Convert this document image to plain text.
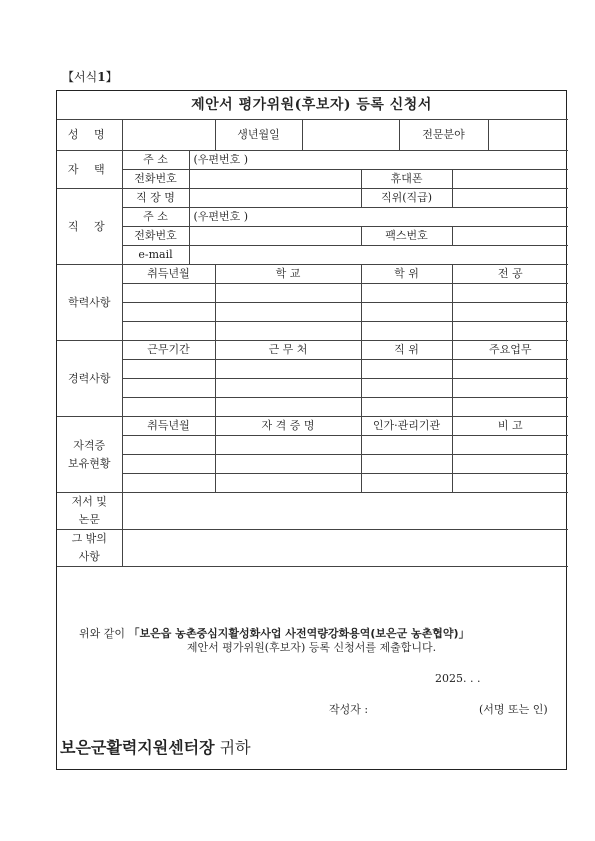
【서식1】
제안서 평가위원(후보자) 등록 신청서
성 명			생년월일			전문분야		
자 택	주 소	(우편번호 )						
	전화번호				휴대폰			
직 장	직 장 명				직위(직급)			
	주 소	(우편번호 )						
	전화번호				팩스번호			
	e-mail							
학력사항	취득년월		학 교		학 위		전 공	

경력사항	근무기간		근 무 처		직 위		주요업무	

자격증
보유현황	취득년월		자 격 증 명		인가·관리기관		비 고	

저서 및
논문								
그 밖의
사항								
위와 같이 「보은읍 농촌중심지활성화사업 사전역량강화용역(보은군 농촌협약)」
제안서 평가위원(후보자) 등록 신청서를 제출합니다.
2025. . .
작성자 :	(서명 또는 인)
보은군활력지원센터장 귀하
